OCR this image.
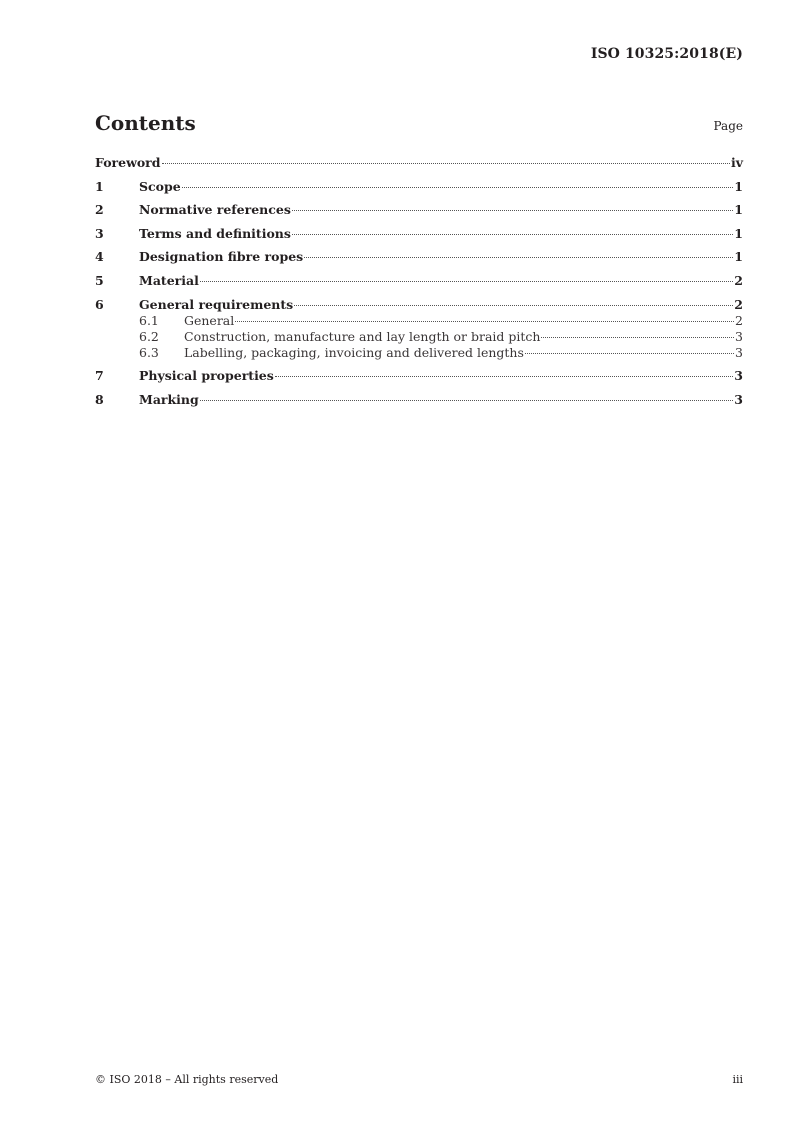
ISO 10325:2018(E)
Contents	Page
Foreword	iv
1	Scope	1
2	Normative references	1
3	Terms and definitions	1
4	Designation fibre ropes	1
5	Material	2
6	General requirements	2
6.1	General	2
6.2	Construction, manufacture and lay length or braid pitch	3
6.3	Labelling, packaging, invoicing and delivered lengths	3
7	Physical properties	3
8	Marking	3
© ISO 2018 – All rights reserved	iii
